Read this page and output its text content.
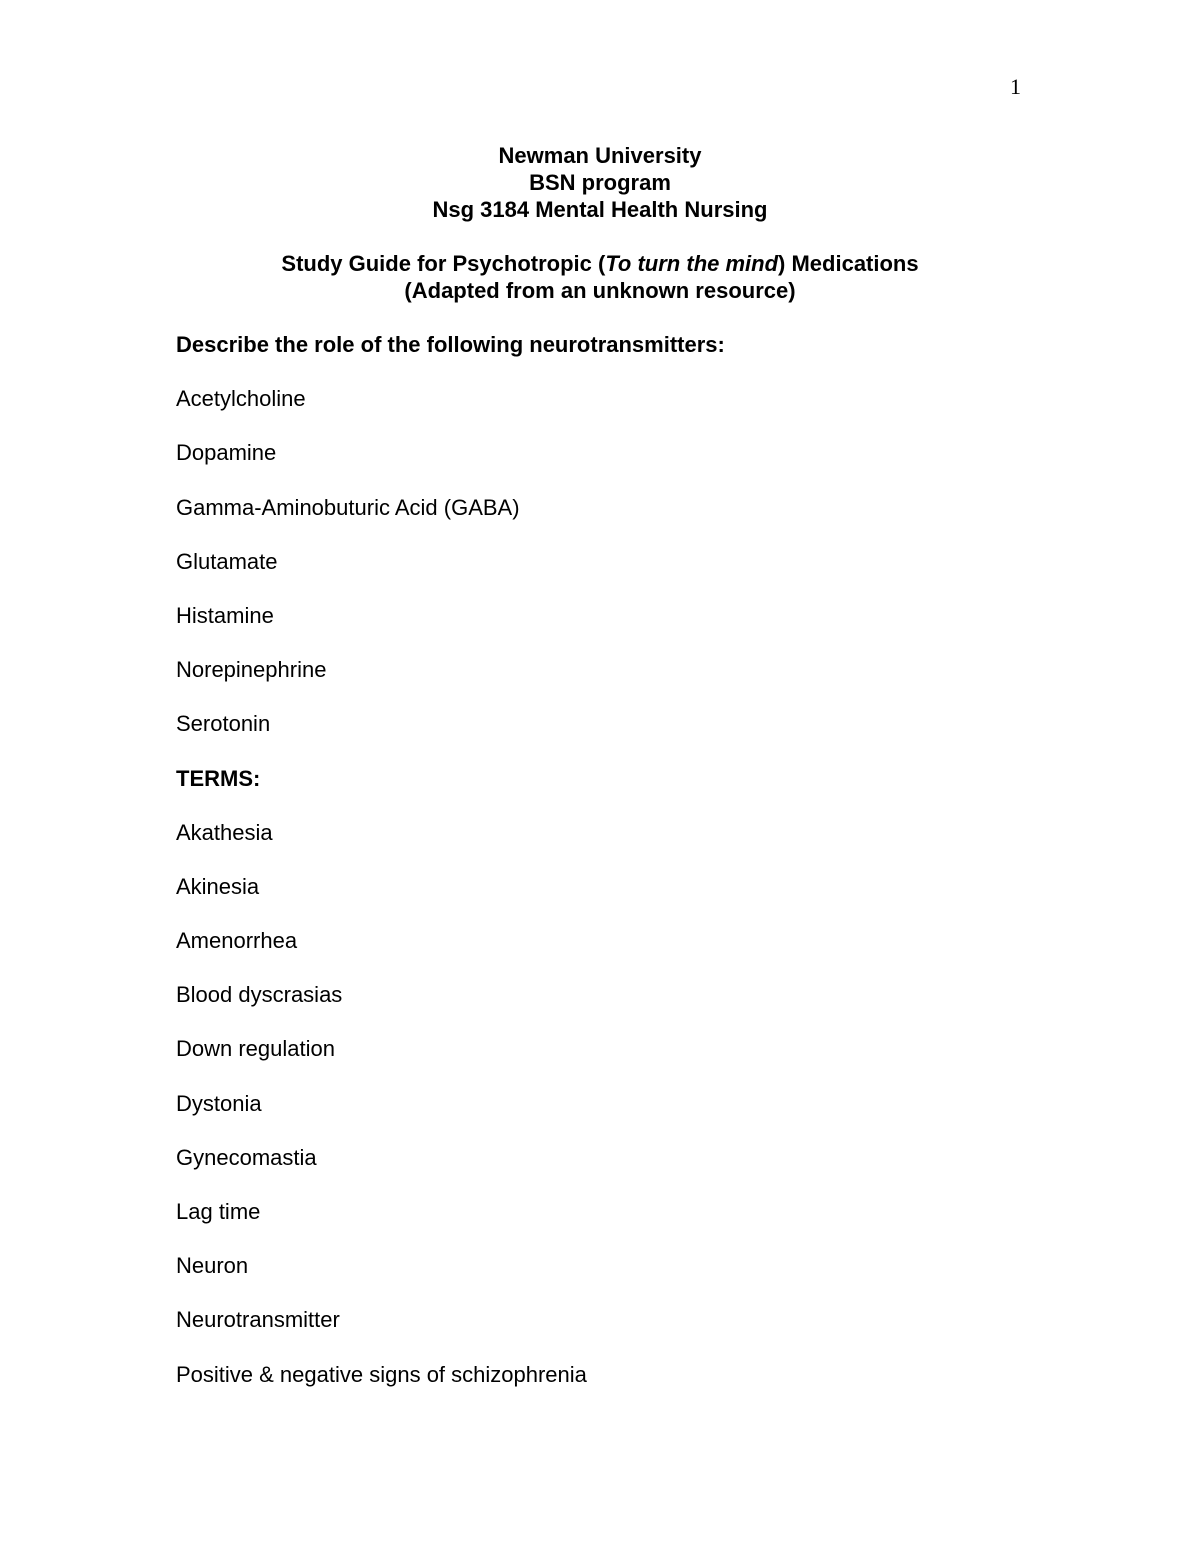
1
Newman University
BSN program
Nsg 3184 Mental Health Nursing
Study Guide for Psychotropic (To turn the mind) Medications
(Adapted from an unknown resource)
Describe the role of the following neurotransmitters:
Acetylcholine
Dopamine
Gamma-Aminobuturic Acid (GABA)
Glutamate
Histamine
Norepinephrine
Serotonin
TERMS:
Akathesia
Akinesia
Amenorrhea
Blood dyscrasias
Down regulation
Dystonia
Gynecomastia
Lag time
Neuron
Neurotransmitter
Positive & negative signs of schizophrenia
